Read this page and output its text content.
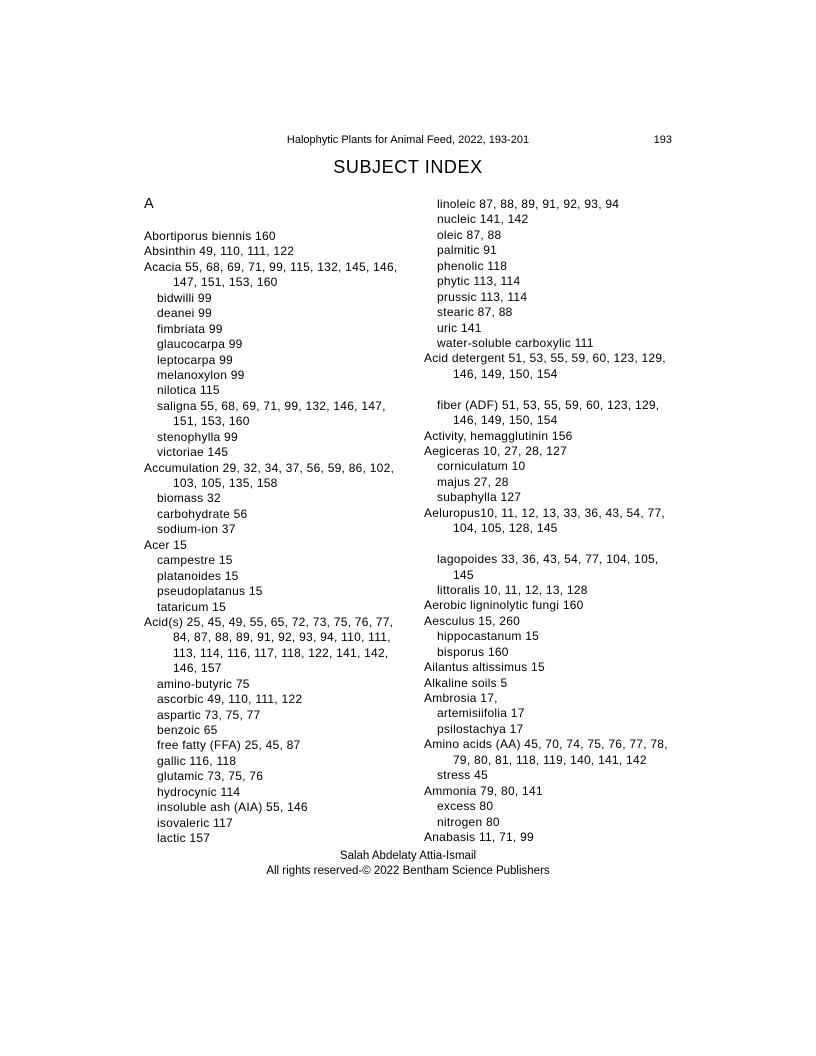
Halophytic Plants for Animal Feed, 2022, 193-201	193
SUBJECT INDEX
A
Abortiporus biennis 160
Absinthin 49, 110, 111, 122
Acacia 55, 68, 69, 71, 99, 115, 132, 145, 146,
147, 151, 153, 160
bidwilli 99
deanei 99
fimbriata 99
glaucocarpa 99
leptocarpa 99
melanoxylon 99
nilotica 115
saligna 55, 68, 69, 71, 99, 132, 146, 147,
151, 153, 160
stenophylla 99
victoriae 145
Accumulation 29, 32, 34, 37, 56, 59, 86, 102,
103, 105, 135, 158
biomass 32
carbohydrate 56
sodium-ion 37
Acer 15
campestre 15
platanoides 15
pseudoplatanus 15
tataricum 15
Acid(s) 25, 45, 49, 55, 65, 72, 73, 75, 76, 77,
84, 87, 88, 89, 91, 92, 93, 94, 110, 111,
113, 114, 116, 117, 118, 122, 141, 142,
146, 157
amino-butyric 75
ascorbic 49, 110, 111, 122
aspartic 73, 75, 77
benzoic 65
free fatty (FFA) 25, 45, 87
gallic 116, 118
glutamic 73, 75, 76
hydrocynic 114
insoluble ash (AIA) 55, 146
isovaleric 117
lactic 157
linoleic 87, 88, 89, 91, 92, 93, 94
nucleic 141, 142
oleic 87, 88
palmitic 91
phenolic 118
phytic 113, 114
prussic 113, 114
stearic 87, 88
uric 141
water-soluble carboxylic 111
Acid detergent 51, 53, 55, 59, 60, 123, 129,
146, 149, 150, 154
fiber (ADF) 51, 53, 55, 59, 60, 123, 129,
146, 149, 150, 154
Activity, hemagglutinin 156
Aegiceras 10, 27, 28, 127
corniculatum 10
majus 27, 28
subaphylla 127
Aeluropus10, 11, 12, 13, 33, 36, 43, 54, 77,
104, 105, 128, 145
lagopoides 33, 36, 43, 54, 77, 104, 105,
145
littoralis 10, 11, 12, 13, 128
Aerobic ligninolytic fungi 160
Aesculus 15, 260
hippocastanum 15
bisporus 160
Ailantus altissimus 15
Alkaline soils 5
Ambrosia 17,
artemisiifolia 17
psilostachya 17
Amino acids (AA) 45, 70, 74, 75, 76, 77, 78,
79, 80, 81, 118, 119, 140, 141, 142
stress 45
Ammonia 79, 80, 141
excess 80
nitrogen 80
Anabasis 11, 71, 99
Salah Abdelaty Attia-Ismail
All rights reserved-© 2022 Bentham Science Publishers
